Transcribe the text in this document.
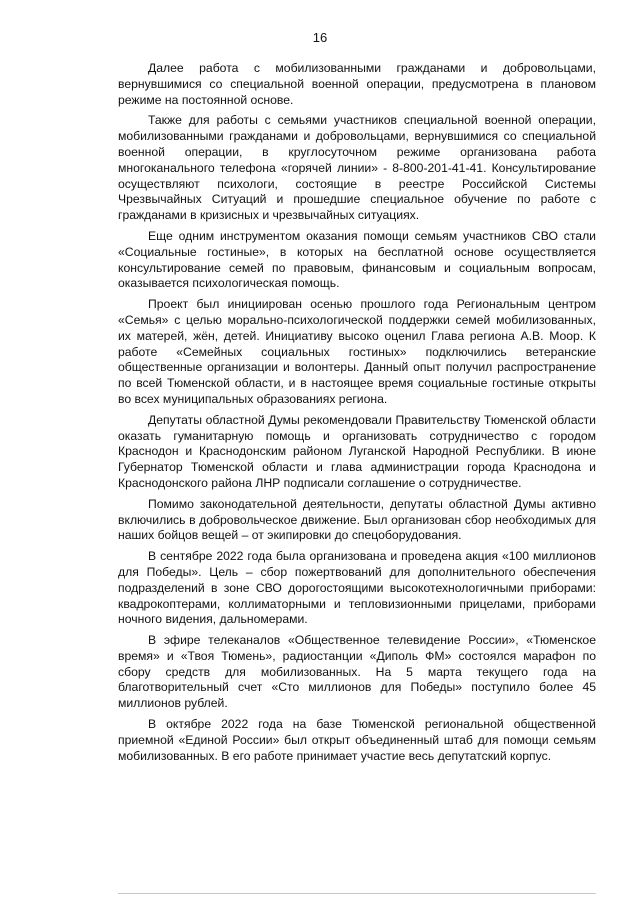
16

Далее работа с мобилизованными гражданами и добровольцами, вернувшимися со специальной военной операции, предусмотрена в плановом режиме на постоянной основе.

Также для работы с семьями участников специальной военной операции, мобилизованными гражданами и добровольцами, вернувшимися со специальной военной операции, в круглосуточном режиме организована работа многоканального телефона «горячей линии» - 8-800-201-41-41. Консультирование осуществляют психологи, состоящие в реестре Российской Системы Чрезвычайных Ситуаций и прошедшие специальное обучение по работе с гражданами в кризисных и чрезвычайных ситуациях.

Еще одним инструментом оказания помощи семьям участников СВО стали «Социальные гостиные», в которых на бесплатной основе осуществляется консультирование семей по правовым, финансовым и социальным вопросам, оказывается психологическая помощь.

Проект был инициирован осенью прошлого года Региональным центром «Семья» с целью морально-психологической поддержки семей мобилизованных, их матерей, жён, детей. Инициативу высоко оценил Глава региона А.В. Моор. К работе «Семейных социальных гостиных» подключились ветеранские общественные организации и волонтеры. Данный опыт получил распространение по всей Тюменской области, и в настоящее время социальные гостиные открыты во всех муниципальных образованиях региона.

Депутаты областной Думы рекомендовали Правительству Тюменской области оказать гуманитарную помощь и организовать сотрудничество с городом Краснодон и Краснодонским районом Луганской Народной Республики. В июне Губернатор Тюменской области и глава администрации города Краснодона и Краснодонского района ЛНР подписали соглашение о сотрудничестве.

Помимо законодательной деятельности, депутаты областной Думы активно включились в добровольческое движение. Был организован сбор необходимых для наших бойцов вещей – от экипировки до спецоборудования.

В сентябре 2022 года была организована и проведена акция «100 миллионов для Победы». Цель – сбор пожертвований для дополнительного обеспечения подразделений в зоне СВО дорогостоящими высокотехнологичными приборами: квадрокоптерами, коллиматорными и тепловизионными прицелами, приборами ночного видения, дальномерами.

В эфире телеканалов «Общественное телевидение России», «Тюменское время» и «Твоя Тюмень», радиостанции «Диполь ФМ» состоялся марафон по сбору средств для мобилизованных. На 5 марта текущего года на благотворительный счет «Сто миллионов для Победы» поступило более 45 миллионов рублей.

В октябре 2022 года на базе Тюменской региональной общественной приемной «Единой России» был открыт объединенный штаб для помощи семьям мобилизованных. В его работе принимает участие весь депутатский корпус.
